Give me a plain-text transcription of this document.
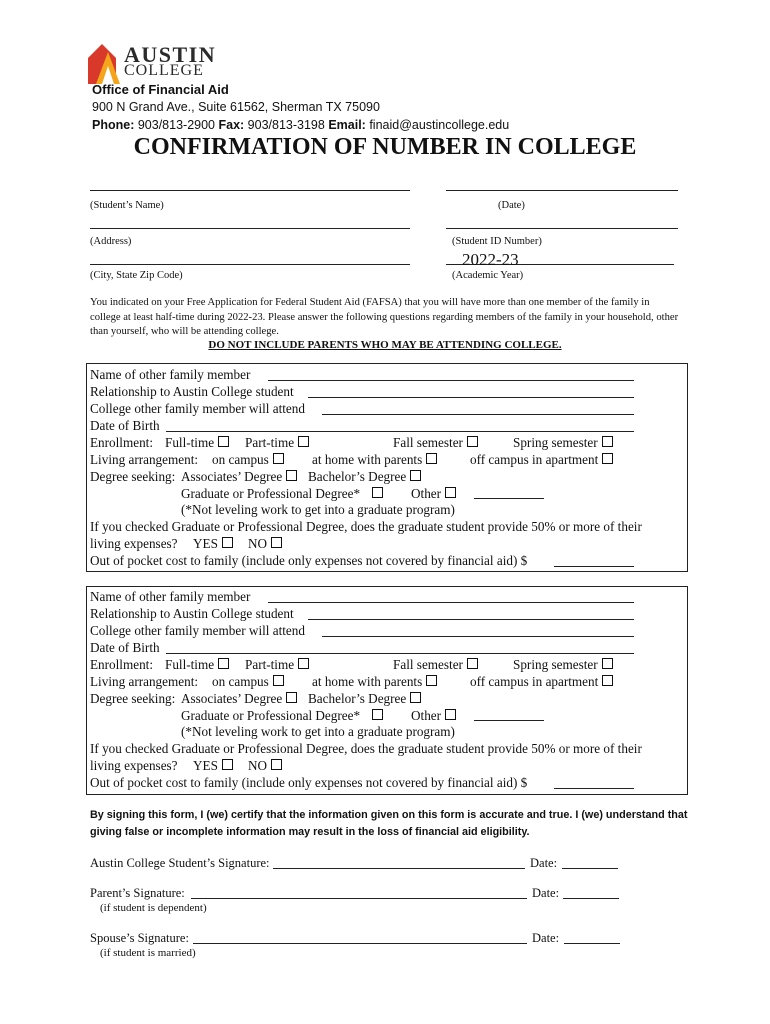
AUSTIN
COLLEGE
Office of Financial Aid
900 N Grand Ave., Suite 61562, Sherman TX 75090
Phone: 903/813-2900 Fax: 903/813-3198 Email: finaid@austincollege.edu
CONFIRMATION OF NUMBER IN COLLEGE
(Student’s Name)	(Date)
(Address)	(Student ID Number)
2022-23
(City, State Zip Code)	(Academic Year)
You indicated on your Free Application for Federal Student Aid (FAFSA) that you will have more than one member of the family in college at least half-time during 2022-23. Please answer the following questions regarding members of the family in your household, other than yourself, who will be attending college.
DO NOT INCLUDE PARENTS WHO MAY BE ATTENDING COLLEGE.
Name of other family member
Relationship to Austin College student
College other family member will attend
Date of Birth
Enrollment: Full-time	Part-time	Fall semester	Spring semester
Living arrangement: on campus	at home with parents	off campus in apartment
Degree seeking: Associates’ Degree	Bachelor’s Degree
Graduate or Professional Degree*	Other
(*Not leveling work to get into a graduate program)
If you checked Graduate or Professional Degree, does the graduate student provide 50% or more of their
living expenses? YES	NO
Out of pocket cost to family (include only expenses not covered by financial aid) $
Name of other family member
Relationship to Austin College student
College other family member will attend
Date of Birth
Enrollment: Full-time	Part-time	Fall semester	Spring semester
Living arrangement: on campus	at home with parents	off campus in apartment
Degree seeking: Associates’ Degree	Bachelor’s Degree
Graduate or Professional Degree*	Other
(*Not leveling work to get into a graduate program)
If you checked Graduate or Professional Degree, does the graduate student provide 50% or more of their
living expenses? YES	NO
Out of pocket cost to family (include only expenses not covered by financial aid) $
By signing this form, I (we) certify that the information given on this form is accurate and true. I (we) understand that giving false or incomplete information may result in the loss of financial aid eligibility.
Austin College Student’s Signature:	Date:
Parent’s Signature:	Date:
(if student is dependent)
Spouse’s Signature:	Date:
(if student is married)
